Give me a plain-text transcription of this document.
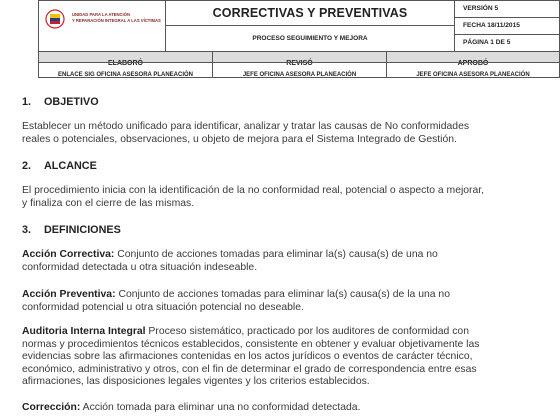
UNIDAD PARA LA ATENCIÓN
Y REPARACIÓN INTEGRAL A LAS VÍCTIMAS	CORRECTIVAS Y PREVENTIVAS
PROCESO SEGUIMIENTO Y MEJORA
VERSIÓN 5
FECHA 18/11/2015
PÁGINA 1 DE 5
ELABORÓ	REVISÓ	APROBÓ
ENLACE SIG OFICINA ASESORA PLANEACIÓN	JEFE OFICINA ASESORA PLANEACIÓN	JEFE OFICINA ASESORA PLANEACIÓN
1. OBJETIVO
Establecer un método unificado para identificar, analizar y tratar las causas de No conformidades
reales o potenciales, observaciones, u objeto de mejora para el Sistema Integrado de Gestión.
2. ALCANCE
El procedimiento inicia con la identificación de la no conformidad real, potencial o aspecto a mejorar,
y finaliza con el cierre de las mismas.
3. DEFINICIONES
Acción Correctiva: Conjunto de acciones tomadas para eliminar la(s) causa(s) de una no
conformidad detectada u otra situación indeseable.
Acción Preventiva: Conjunto de acciones tomadas para eliminar la(s) causa(s) de la una no
conformidad potencial u otra situación potencial no deseable.
Auditoria Interna Integral Proceso sistemático, practicado por los auditores de conformidad con
normas y procedimientos técnicos establecidos, consistente en obtener y evaluar objetivamente las
evidencias sobre las afirmaciones contenidas en los actos jurídicos o eventos de carácter técnico,
económico, administrativo y otros, con el fin de determinar el grado de correspondencia entre esas
afirmaciones, las disposiciones legales vigentes y los criterios establecidos.
Corrección: Acción tomada para eliminar una no conformidad detectada.
